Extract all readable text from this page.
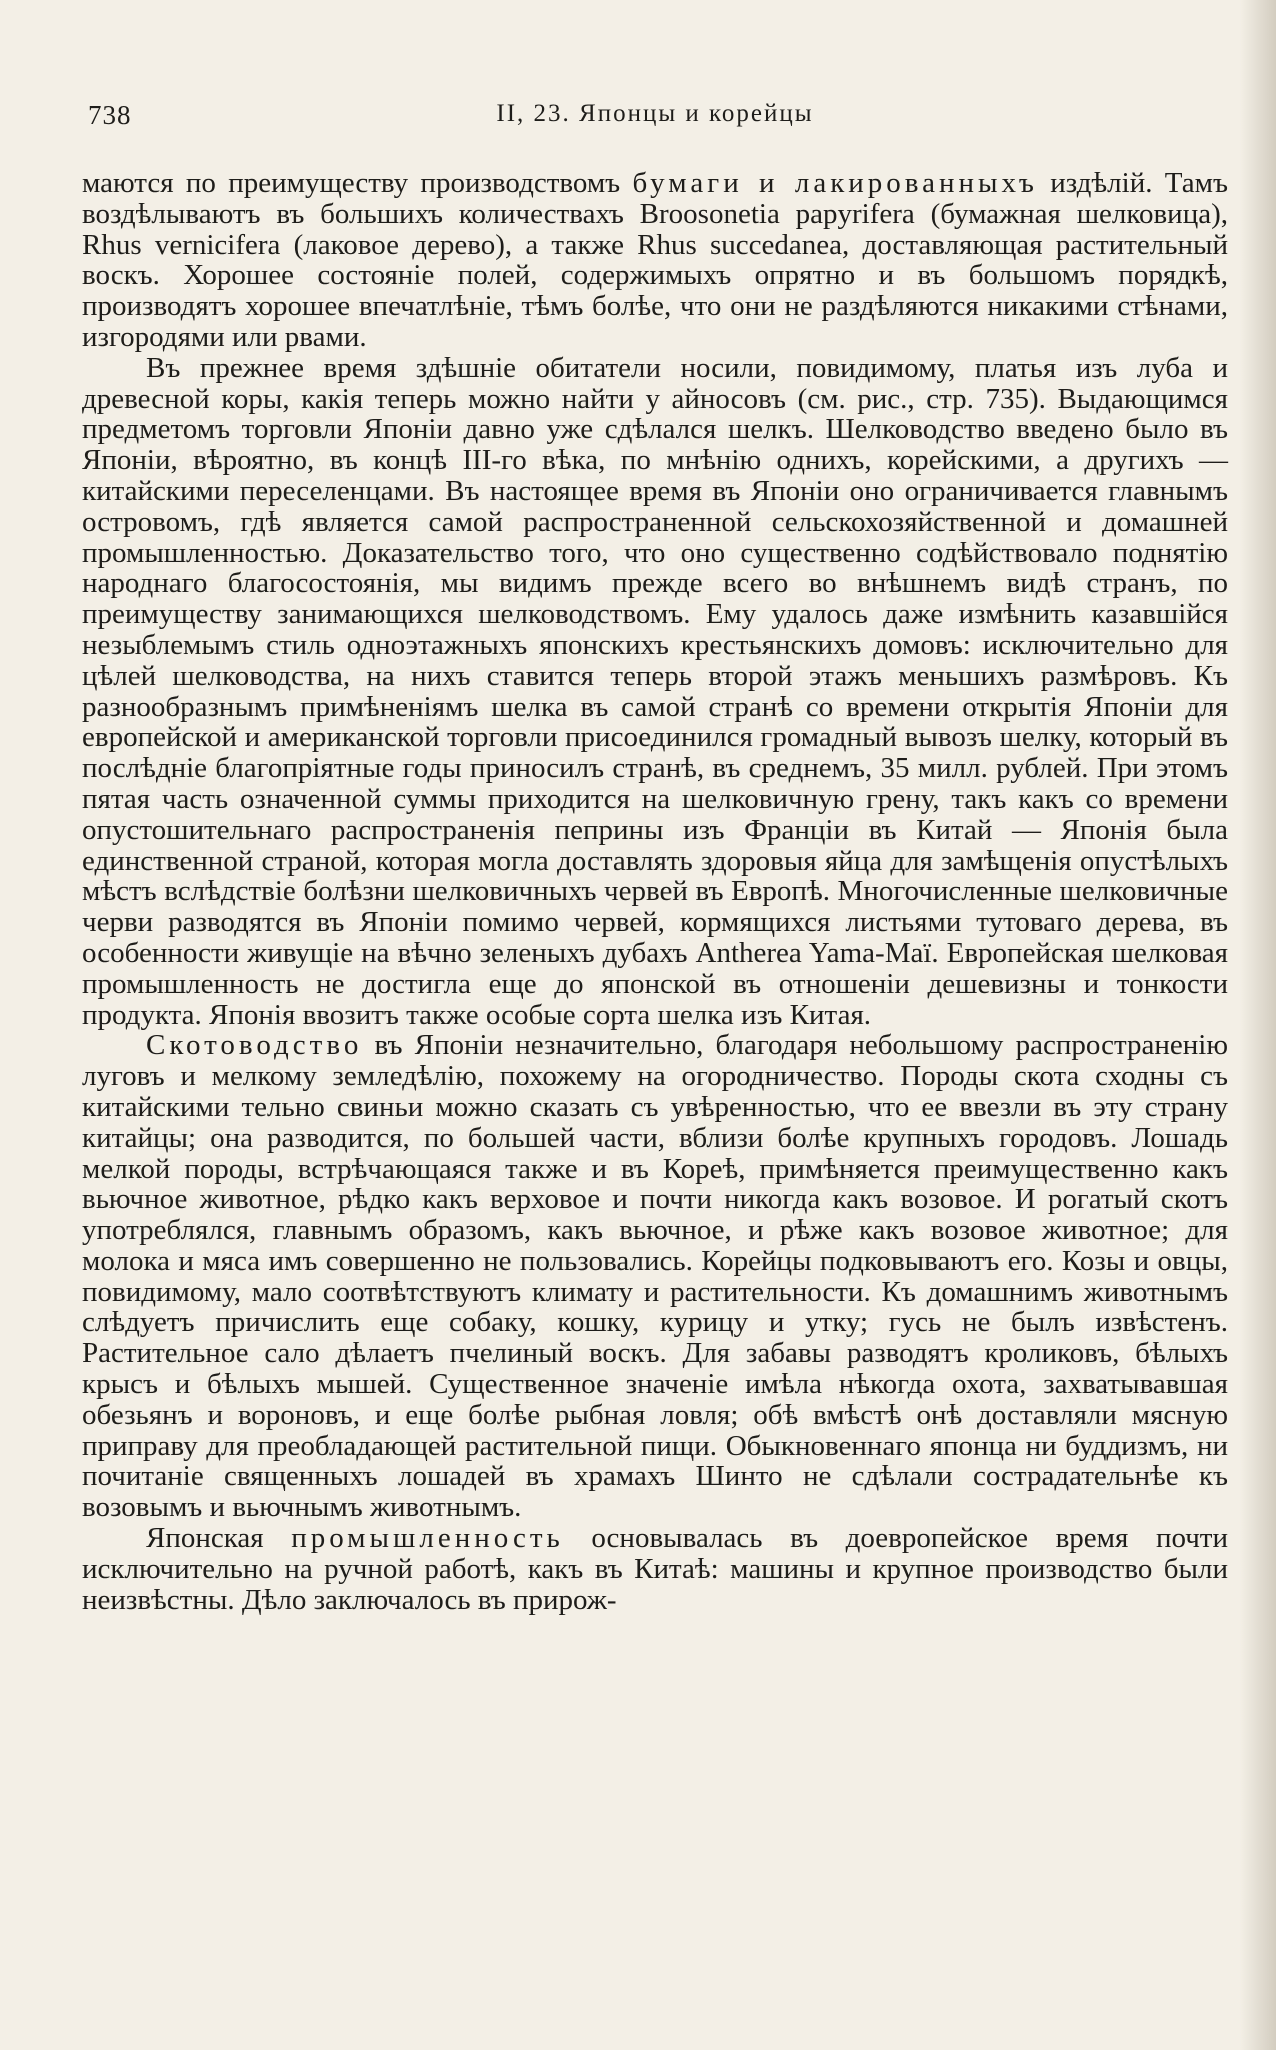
738	II, 23. Японцы и корейцы

маются по преимуществу производствомъ бумаги и лакированныхъ издѣлій. Тамъ воздѣлываютъ въ большихъ количествахъ Broosonetia papyrifera (бумажная шелковица), Rhus vernicifera (лаковое дерево), а также Rhus succedanea, доставляющая растительный воскъ. Хорошее состояніе полей, содержимыхъ опрятно и въ большомъ порядкѣ, производятъ хорошее впечатлѣніе, тѣмъ болѣе, что они не раздѣляются никакими стѣнами, изгородями или рвами.

Въ прежнее время здѣшніе обитатели носили, повидимому, платья изъ луба и древесной коры, какія теперь можно найти у айносовъ (см. рис., стр. 735). Выдающимся предметомъ торговли Японіи давно уже сдѣлался шелкъ. Шелководство введено было въ Японіи, вѣроятно, въ концѣ III-го вѣка, по мнѣнію однихъ, корейскими, а другихъ — китайскими переселенцами. Въ настоящее время въ Японіи оно ограничивается главнымъ островомъ, гдѣ является самой распространенной сельскохозяйственной и домашней промышленностью. Доказательство того, что оно существенно содѣйствовало поднятію народнаго благосостоянія, мы видимъ прежде всего во внѣшнемъ видѣ странъ, по преимуществу занимающихся шелководствомъ. Ему удалось даже измѣнить казавшійся незыблемымъ стиль одноэтажныхъ японскихъ крестьянскихъ домовъ: исключительно для цѣлей шелководства, на нихъ ставится теперь второй этажъ меньшихъ размѣровъ. Къ разнообразнымъ примѣненіямъ шелка въ самой странѣ со времени открытія Японіи для европейской и американской торговли присоединился громадный вывозъ шелку, который въ послѣдніе благопріятные годы приносилъ странѣ, въ среднемъ, 35 милл. рублей. При этомъ пятая часть означенной суммы приходится на шелковичную грену, такъ какъ со времени опустошительнаго распространенія пеприны изъ Франціи въ Китай — Японія была единственной страной, которая могла доставлять здоровыя яйца для замѣщенія опустѣлыхъ мѣстъ вслѣдствіе болѣзни шелковичныхъ червей въ Европѣ. Многочисленные шелковичные черви разводятся въ Японіи помимо червей, кормящихся листьями тутоваго дерева, въ особенности живущіе на вѣчно зеленыхъ дубахъ Antherea Yama-Maï. Европейская шелковая промышленность не достигла еще до японской въ отношеніи дешевизны и тонкости продукта. Японія ввозитъ также особые сорта шелка изъ Китая.

Скотоводство въ Японіи незначительно, благодаря небольшому распространенію луговъ и мелкому земледѣлію, похожему на огородничество. Породы скота сходны съ китайскими тельно свиньи можно сказать съ увѣренностью, что ее ввезли въ эту страну китайцы; она разводится, по большей части, вблизи болѣе крупныхъ городовъ. Лошадь мелкой породы, встрѣчающаяся также и въ Кореѣ, примѣняется преимущественно какъ вьючное животное, рѣдко какъ верховое и почти никогда какъ возовое. И рогатый скотъ употреблялся, главнымъ образомъ, какъ вьючное, и рѣже какъ возовое животное; для молока и мяса имъ совершенно не пользовались. Корейцы подковываютъ его. Козы и овцы, повидимому, мало соотвѣтствуютъ климату и растительности. Къ домашнимъ животнымъ слѣдуетъ причислить еще собаку, кошку, курицу и утку; гусь не былъ извѣстенъ. Растительное сало дѣлаетъ пчелиный воскъ. Для забавы разводятъ кроликовъ, бѣлыхъ крысъ и бѣлыхъ мышей. Существенное значеніе имѣла нѣкогда охота, захватывавшая обезьянъ и вороновъ, и еще болѣе рыбная ловля; обѣ вмѣстѣ онѣ доставляли мясную приправу для преобладающей растительной пищи. Обыкновеннаго японца ни буддизмъ, ни почитаніе священныхъ лошадей въ храмахъ Шинто не сдѣлали сострадательнѣе къ возовымъ и вьючнымъ животнымъ.

Японская промышленность основывалась въ доевропейское время почти исключительно на ручной работѣ, какъ въ Китаѣ: машины и крупное производство были неизвѣстны. Дѣло заключалось въ прирож-
